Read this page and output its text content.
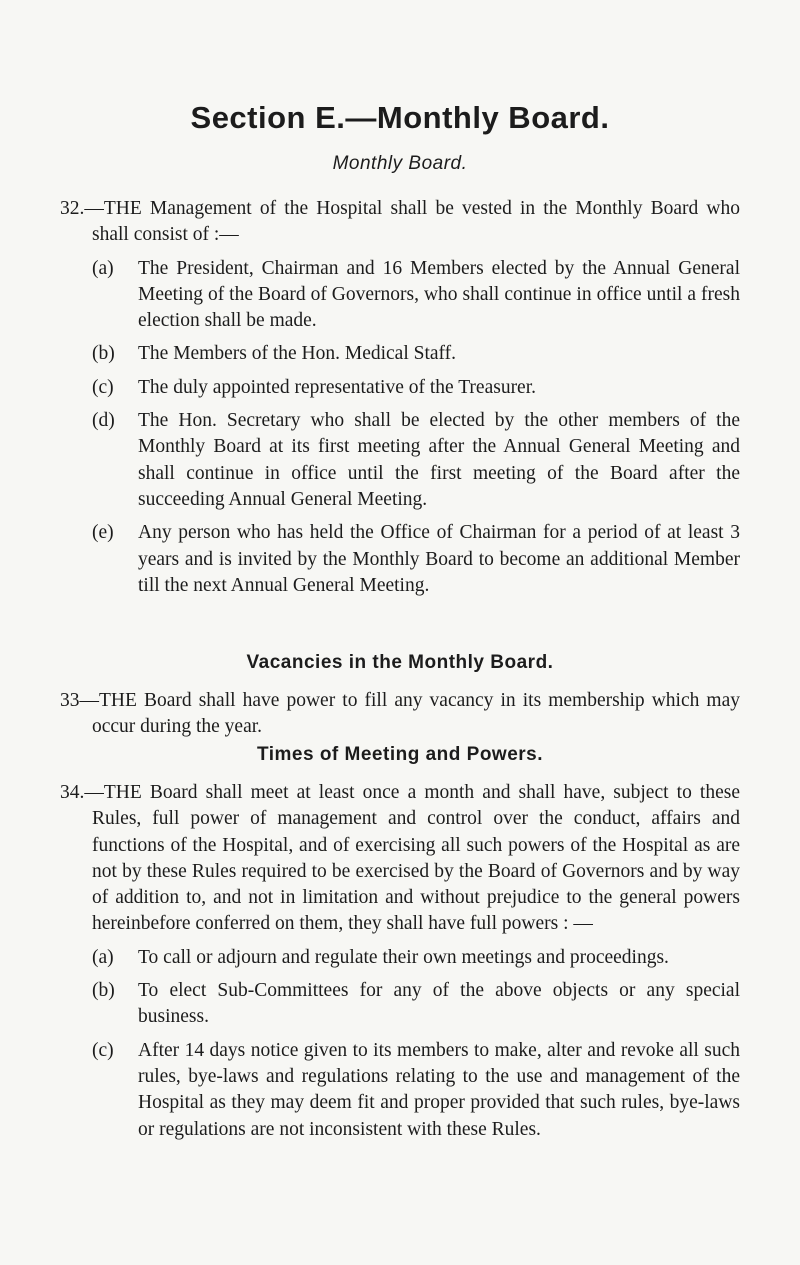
Section E.—Monthly Board.
Monthly Board.
32.—THE Management of the Hospital shall be vested in the Monthly Board who shall consist of :—
(a) The President, Chairman and 16 Members elected by the Annual General Meeting of the Board of Governors, who shall continue in office until a fresh election shall be made.
(b) The Members of the Hon. Medical Staff.
(c) The duly appointed representative of the Treasurer.
(d) The Hon. Secretary who shall be elected by the other members of the Monthly Board at its first meeting after the Annual General Meeting and shall continue in office until the first meeting of the Board after the succeeding Annual General Meeting.
(e) Any person who has held the Office of Chairman for a period of at least 3 years and is invited by the Monthly Board to become an additional Member till the next Annual General Meeting.
Vacancies in the Monthly Board.
33—THE Board shall have power to fill any vacancy in its membership which may occur during the year.
Times of Meeting and Powers.
34.—THE Board shall meet at least once a month and shall have, subject to these Rules, full power of management and control over the conduct, affairs and functions of the Hospital, and of exercising all such powers of the Hospital as are not by these Rules required to be exercised by the Board of Governors and by way of addition to, and not in limitation and without prejudice to the general powers hereinbefore conferred on them, they shall have full powers : —
(a) To call or adjourn and regulate their own meetings and proceedings.
(b) To elect Sub-Committees for any of the above objects or any special business.
(c) After 14 days notice given to its members to make, alter and revoke all such rules, bye-laws and regulations relating to the use and management of the Hospital as they may deem fit and proper provided that such rules, bye-laws or regulations are not inconsistent with these Rules.
